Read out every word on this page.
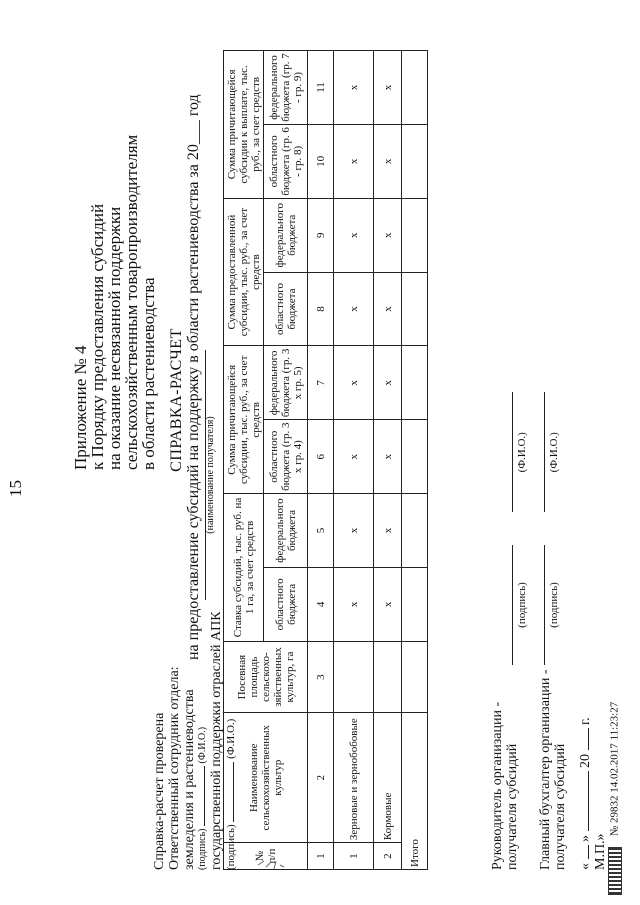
15
Приложение № 4
к Порядку предоставления субсидий
на оказание несвязанной поддержки
сельскохозяйственным товаропроизводителям
в области растениеводства СПРАВКА-РАСЧЕТ на предоставление субсидий на поддержку в области растениеводства за 20___ год (наименование получателя)
№ п/п	Наименование сельскохозяйственных культур	Посевная площадь сельскохо-зяйственных культур, га	Ставка субсидий, тыс. руб. на 1 га, за счет средств		Сумма причитающейся субсидии, тыс. руб., за счет средств		Сумма предоставленной субсидии, тыс. руб., за счет средств		Сумма причитающейся субсидии к выплате, тыс. руб., за счет средств	
			областного бюджета	федерального бюджета	областного бюджета (гр. 3 х гр. 4)	федерального бюджета (гр. 3 х гр. 5)	областного бюджета	федерального бюджета	областного бюджета (гр. 6 - гр. 8)	федерального бюджета (гр. 7 - гр. 9)
1	2	3	4	5	6	7	8	9	10	11
1	Зерновые и зернобобовые		х	х	х	х	х	х	х	х
2	Кормовые		х	х	х	х	х	х	х	х
Итого										
Справка-расчет проверена Ответственный сотрудник отдела: земледелия и растениеводства (подпись)  (Ф.И.О.) государственной поддержки отраслей АПК (подпись)  (Ф.И.О.)	Руководитель организации - получателя субсидий Главный бухгалтер организации - получателя субсидий «  »  20  г.
М.П.»

(подпись) (Ф.И.О.)

(подпись) (Ф.И.О.)
№ 29832 14.02.2017 11:23:27
